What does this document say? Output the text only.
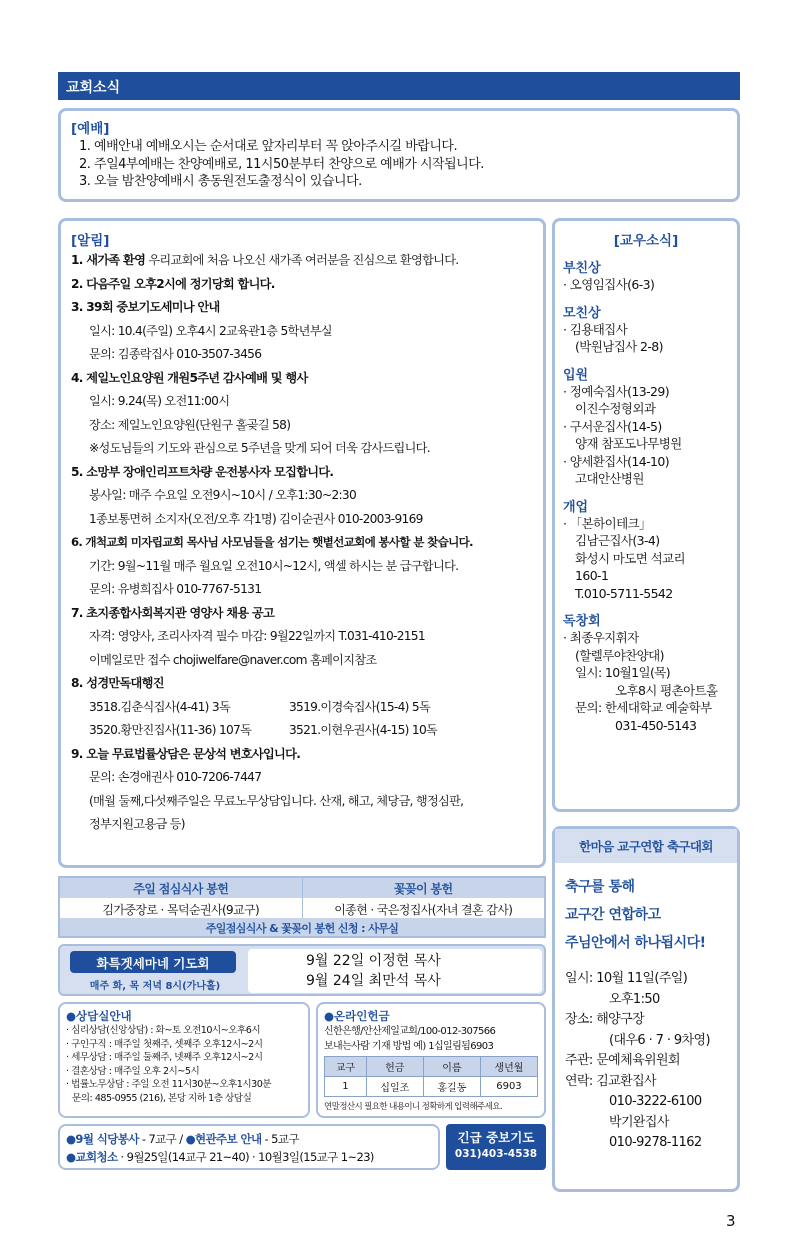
교회소식
[예배]
1. 예배안내 예배오시는 순서대로 앞자리부터 꼭 앉아주시길 바랍니다.
2. 주일4부예배는 찬양예배로, 11시50분부터 찬양으로 예배가 시작됩니다.
3. 오늘 밤찬양예배시 총동원전도출정식이 있습니다.
[알림]
1. 새가족 환영 우리교회에 처음 나오신 새가족 여러분을 진심으로 환영합니다.
2. 다음주일 오후2시에 정기당회 합니다.
3. 39회 중보기도세미나 안내
일시: 10.4(주일) 오후4시 2교육관1층 5학년부실
문의: 김종락집사 010-3507-3456
4. 제일노인요양원 개원5주년 감사예배 및 행사
일시: 9.24(목) 오전11:00시
장소: 제일노인요양원(단원구 홀곶길 58)
※성도님들의 기도와 관심으로 5주년을 맞게 되어 더욱 감사드립니다.
5. 소망부 장애인리프트차량 운전봉사자 모집합니다.
봉사일: 매주 수요일 오전9시~10시 / 오후1:30~2:30
1종보통면허 소지자(오전/오후 각1명) 김이순권사 010-2003-9169
6. 개척교회 미자립교회 목사님 사모님들을 섬기는 햇볕선교회에 봉사할 분 찾습니다.
기간: 9월~11월 매주 월요일 오전10시~12시, 액셀 하시는 분 급구합니다.
문의: 유병희집사 010-7767-5131
7. 초지종합사회복지관 영양사 채용 공고
자격: 영양사, 조리사자격 필수 마감: 9월22일까지 T.031-410-2151
이메일로만 접수 chojiwelfare@naver.com 홈페이지참조
8. 성경만독대행진
3518.김춘식집사(4-41) 3독	3519.이경숙집사(15-4) 5독
3520.황만진집사(11-36) 107독	3521.이현우권사(4-15) 10독
9. 오늘 무료법률상담은 문상석 변호사입니다.
문의: 손경애권사 010-7206-7447
(매월 둘째,다섯째주일은 무료노무상담입니다. 산재, 해고, 체당금, 행정심판,
정부지원고용금 등)
[교우소식]
부친상
· 오영임집사(6-3)
모친상
· 김용태집사
(박원남집사 2-8)
입원
· 정예숙집사(13-29)
이진수정형외과
· 구서운집사(14-5)
양재 참포도나무병원
· 양세환집사(14-10)
고대안산병원
개업
· 「본하이테크」
김남근집사(3-4)
화성시 마도면 석교리
160-1
T.010-5711-5542
독창회
· 최종우지휘자
(할렐루야찬양대)
일시: 10월1일(목)
오후8시 평촌아트홀
문의: 한세대학교 예술학부
031-450-5143
한마음 교구연합 축구대회
축구를 통해
교구간 연합하고
주님안에서 하나됩시다!
일시: 10월 11일(주일)
오후1:50
장소: 해양구장
(대우6 · 7 · 9차영)
주관: 문예체육위원회
연락: 김교환집사
010-3222-6100
박기완집사
010-9278-1162
주일 점심식사 봉헌	꽃꽂이 봉헌
김가중장로 · 목덕순권사(9교구)	이종현 · 국은정집사(자녀 결혼 감사)
주일점심식사 & 꽃꽂이 봉헌 신청 : 사무실
화특겟세마네 기도회
매주 화, 목 저녁 8시(가나홀)
9월 22일 이정현 목사
9월 24일 최만석 목사
●상담실안내
· 심리상담(신앙상담) : 화~토 오전10시~오후6시
· 구인구직 : 매주일 첫째주, 셋째주 오후12시~2시
· 세무상담 : 매주일 둘째주, 넷째주 오후12시~2시
· 결혼상담 : 매주일 오후 2시~5시
· 법률노무상담 : 주일 오전 11시30분~오후1시30분
문의: 485-0955 (216), 본당 지하 1층 상담실
●온라인헌금
신한은행/안산제일교회/100-012-307566
보내는사람 기재 방법 예) 1십일림됨6903
교구	헌금	이름	생년월
1	십일조	홍길동	6903
연말정산시 필요한 내용이니 정확하게 입력해주세요.
●9월 식당봉사 - 7교구 / ●현관주보 안내 - 5교구
●교회청소 · 9월25일(14교구 21~40) · 10월3일(15교구 1~23)
긴급 중보기도
031)403-4538
3
